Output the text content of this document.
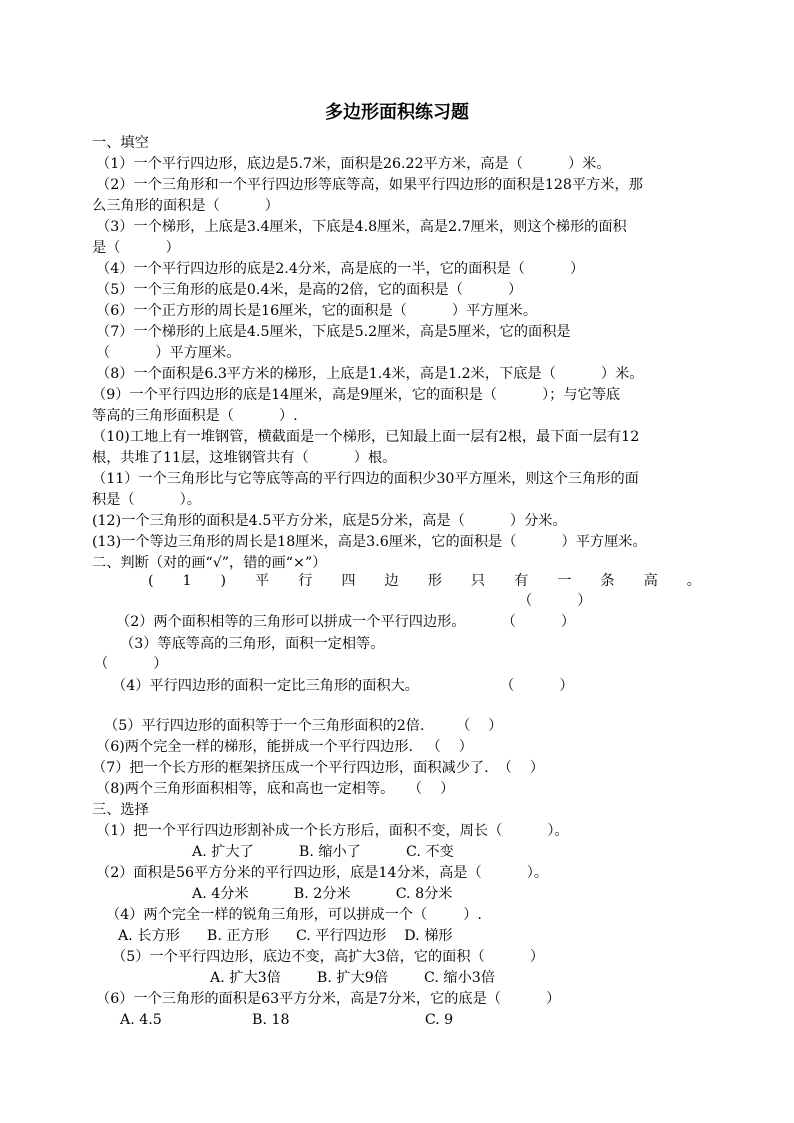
多边形面积练习题
一、填空
（1）一个平行四边形，底边是5.7米，面积是26.22平方米，高是（          ）米。
（2）一个三角形和一个平行四边形等底等高，如果平行四边形的面积是128平方米，那
么三角形的面积是（          ）
（3）一个梯形，上底是3.4厘米，下底是4.8厘米，高是2.7厘米，则这个梯形的面积
是（          ）
（4）一个平行四边形的底是2.4分米，高是底的一半，它的面积是（          ）
（5）一个三角形的底是0.4米，是高的2倍，它的面积是（          ）
（6）一个正方形的周长是16厘米，它的面积是（          ）平方厘米。
（7）一个梯形的上底是4.5厘米，下底是5.2厘米，高是5厘米，它的面积是
（          ）平方厘米。
（8）一个面积是6.3平方米的梯形，上底是1.4米，高是1.2米，下底是（          ）米。
（9）一个平行四边形的底是14厘米，高是9厘米，它的面积是（          ）；与它等底
等高的三角形面积是（          ）.
（10)工地上有一堆钢管，横截面是一个梯形，已知最上面一层有2根，最下面一层有12
根，共堆了11层，这堆钢管共有（          ）根。
（11）一个三角形比与它等底等高的平行四边的面积少30平方厘米，则这个三角形的面
积是（          ）。
(12)一个三角形的面积是4.5平方分米，底是5分米，高是（          ）分米。
(13)一个等边三角形的周长是18厘米，高是3.6厘米，它的面积是（          ）平方厘米。
二、判断（对的画“√”，错的画“×”）
( 1 ) 平 行 四 边 形 只 有 一 条 高 。
（          ）
（2）两个面积相等的三角形可以拼成一个平行四边形。        （          ）
（3）等底等高的三角形，面积一定相等。
（          ）
（4）平行四边形的面积一定比三角形的面积大。                  （          ）
（5）平行四边形的面积等于一个三角形面积的2倍.       （    ）
（6)两个完全一样的梯形，能拼成一个平行四边形.   （    ）
（7）把一个长方形的框架挤压成一个平行四边形，面积减少了.  （    ）
（8)两个三角形面积相等，底和高也一定相等。   （    ）
三、选择
（1）把一个平行四边形割补成一个长方形后，面积不变，周长（          ）。
A. 扩大了          B. 缩小了          C. 不变
（2）面积是56平方分米的平行四边形，底是14分米，高是（          ）。
A. 4分米          B. 2分米          C. 8分米
（4）两个完全一样的锐角三角形，可以拼成一个（        ）.
A. 长方形      B. 正方形      C. 平行四边形    D. 梯形
（5）一个平行四边形，底边不变，高扩大3倍，它的面积（          ）
A. 扩大3倍        B. 扩大9倍        C. 缩小3倍
（6）一个三角形的面积是63平方分米，高是7分米，它的底是（          ）
A. 4.5                    B. 18                              C. 9
